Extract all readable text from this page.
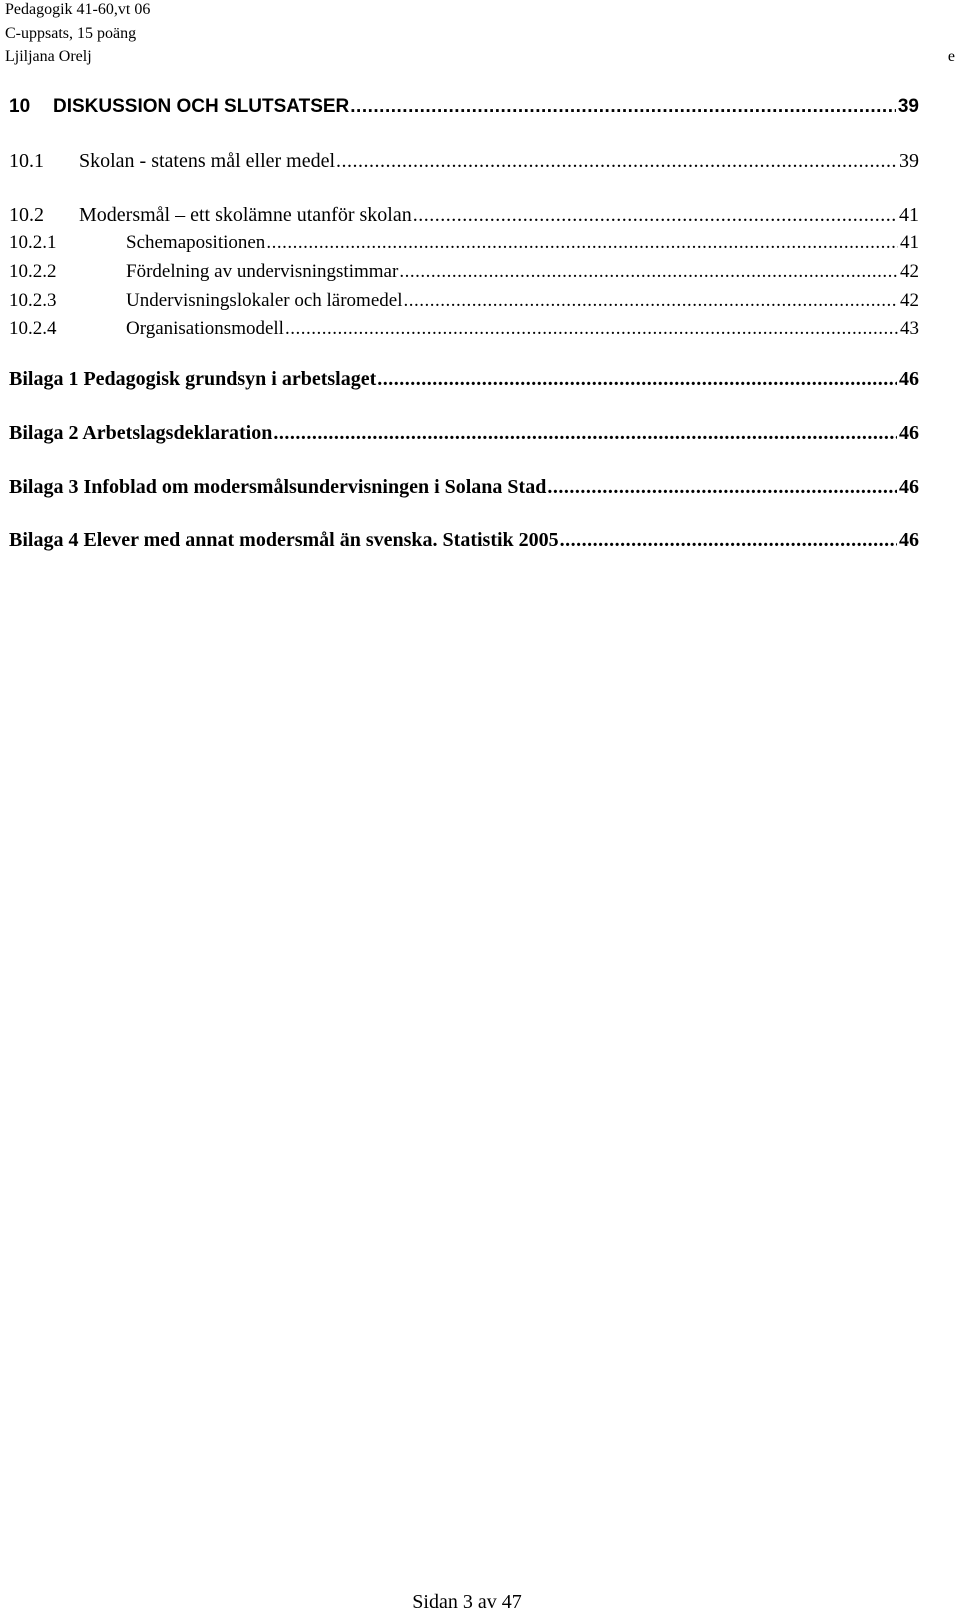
Pedagogik 41-60,vt 06
C-uppsats, 15 poäng
Ljiljana Orelj	e
10	DISKUSSION OCH SLUTSATSER .....	39
10.1	Skolan - statens mål eller medel .....	39
10.2	Modersmål – ett skolämne utanför skolan .....	41
10.2.1	Schemapositionen .....	41
10.2.2	Fördelning av undervisningstimmar .....	42
10.2.3	Undervisningslokaler och läromedel .....	42
10.2.4	Organisationsmodell .....	43
Bilaga 1 Pedagogisk grundsyn i arbetslaget .....	46
Bilaga 2 Arbetslagsdeklaration .....	46
Bilaga 3 Infoblad om modersmålsundervisningen i Solana Stad .....	46
Bilaga 4 Elever med annat modersmål än svenska. Statistik 2005 .....	46
Sidan 3 av 47
